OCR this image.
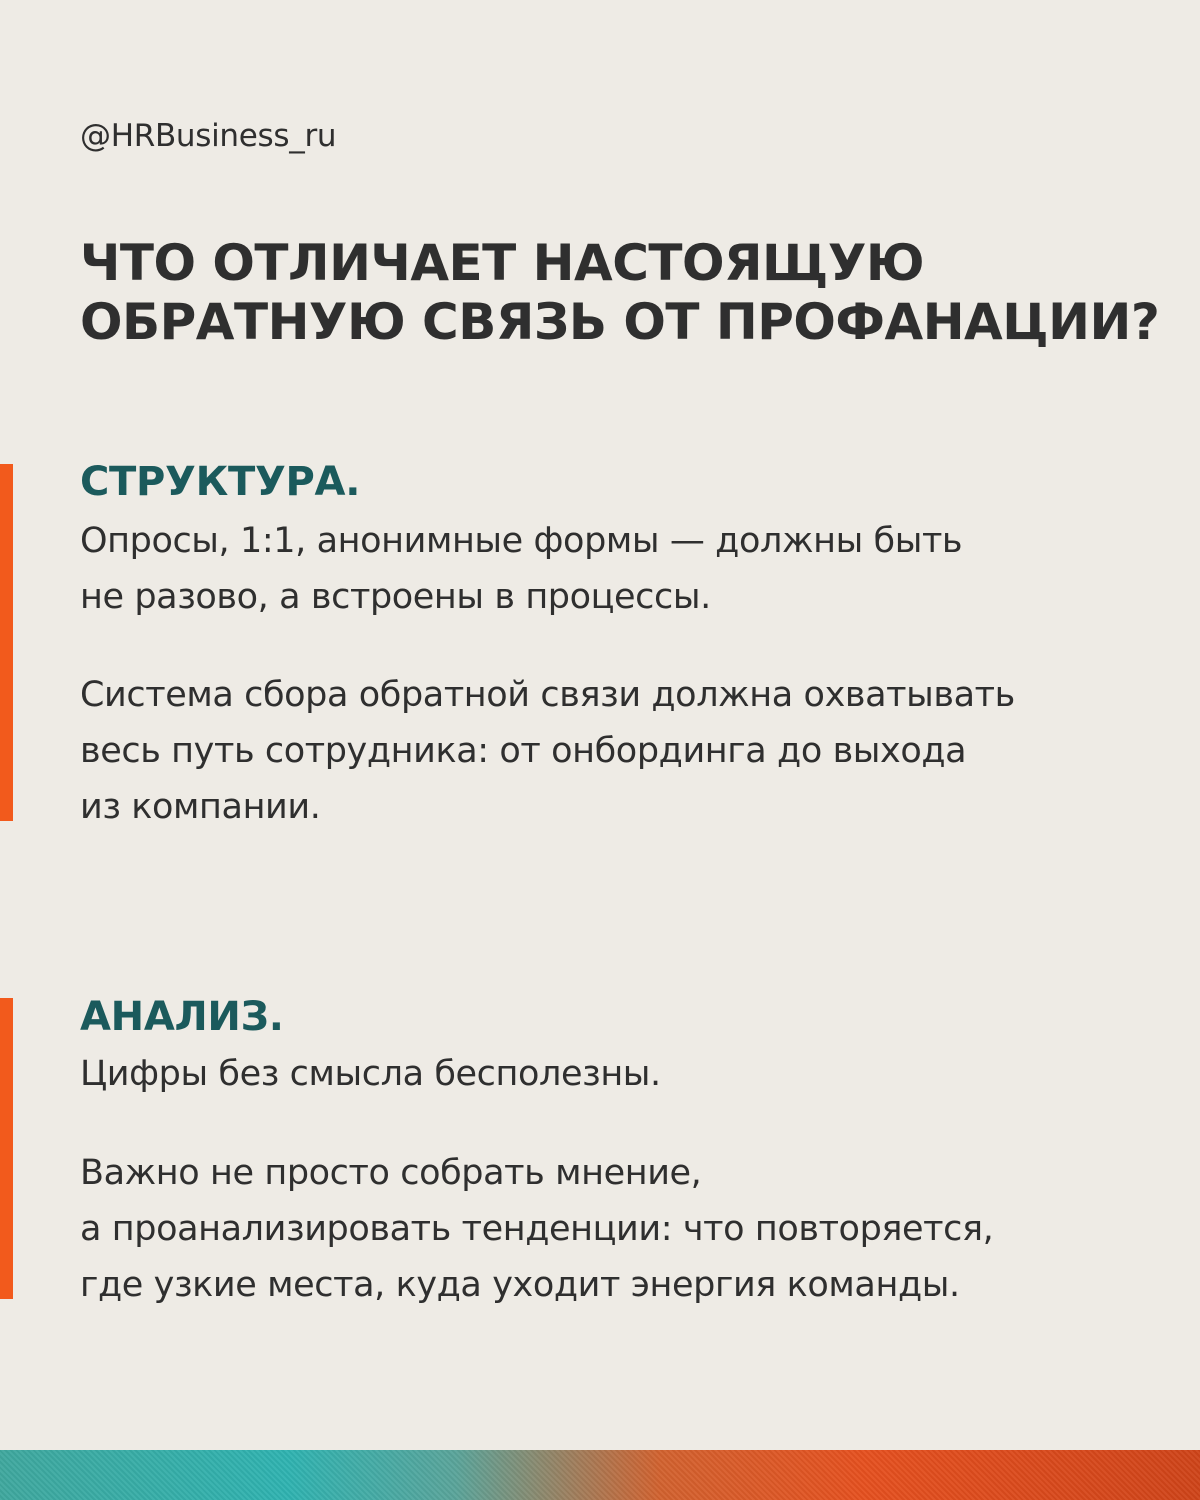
@HRBusiness_ru
ЧТО ОТЛИЧАЕТ НАСТОЯЩУЮ
ОБРАТНУЮ СВЯЗЬ ОТ ПРОФАНАЦИИ?
СТРУКТУРА.

Опросы, 1:1, анонимные формы — должны быть
не разово, а встроены в процессы.

Система сбора обратной связи должна охватывать
весь путь сотрудника: от онбординга до выхода
из компании.

АНАЛИЗ.

Цифры без смысла бесполезны.

Важно не просто собрать мнение,
а проанализировать тенденции: что повторяется,
где узкие места, куда уходит энергия команды.
